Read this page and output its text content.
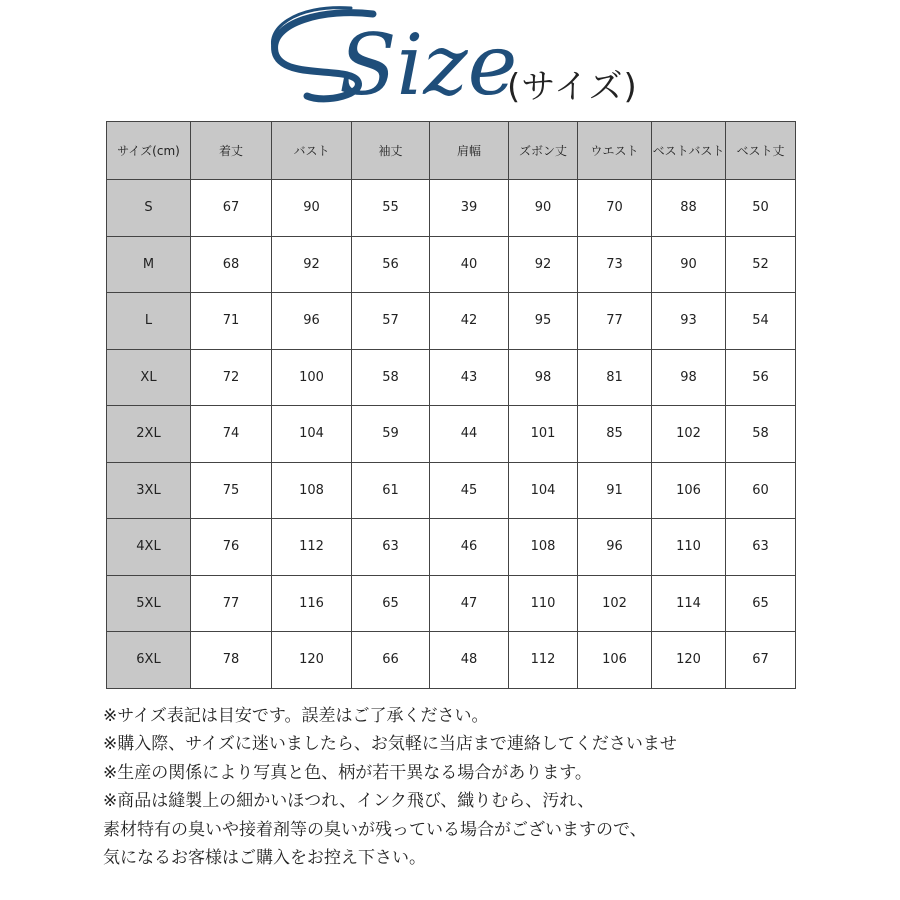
Size
(サイズ)
サイズ(cm)	着丈	バスト	袖丈	肩幅	ズボン丈	ウエスト	ベストバスト	ベスト丈
S	67	90	55	39	90	70	88	50
M	68	92	56	40	92	73	90	52
L	71	96	57	42	95	77	93	54
XL	72	100	58	43	98	81	98	56
2XL	74	104	59	44	101	85	102	58
3XL	75	108	61	45	104	91	106	60
4XL	76	112	63	46	108	96	110	63
5XL	77	116	65	47	110	102	114	65
6XL	78	120	66	48	112	106	120	67
※サイズ表記は目安です。誤差はご了承ください。
※購入際、サイズに迷いましたら、お気軽に当店まで連絡してくださいませ
※生産の関係により写真と色、柄が若干異なる場合があります。
※商品は縫製上の細かいほつれ、インク飛び、織りむら、汚れ、
素材特有の臭いや接着剤等の臭いが残っている場合がございますので、
気になるお客様はご購入をお控え下さい。
